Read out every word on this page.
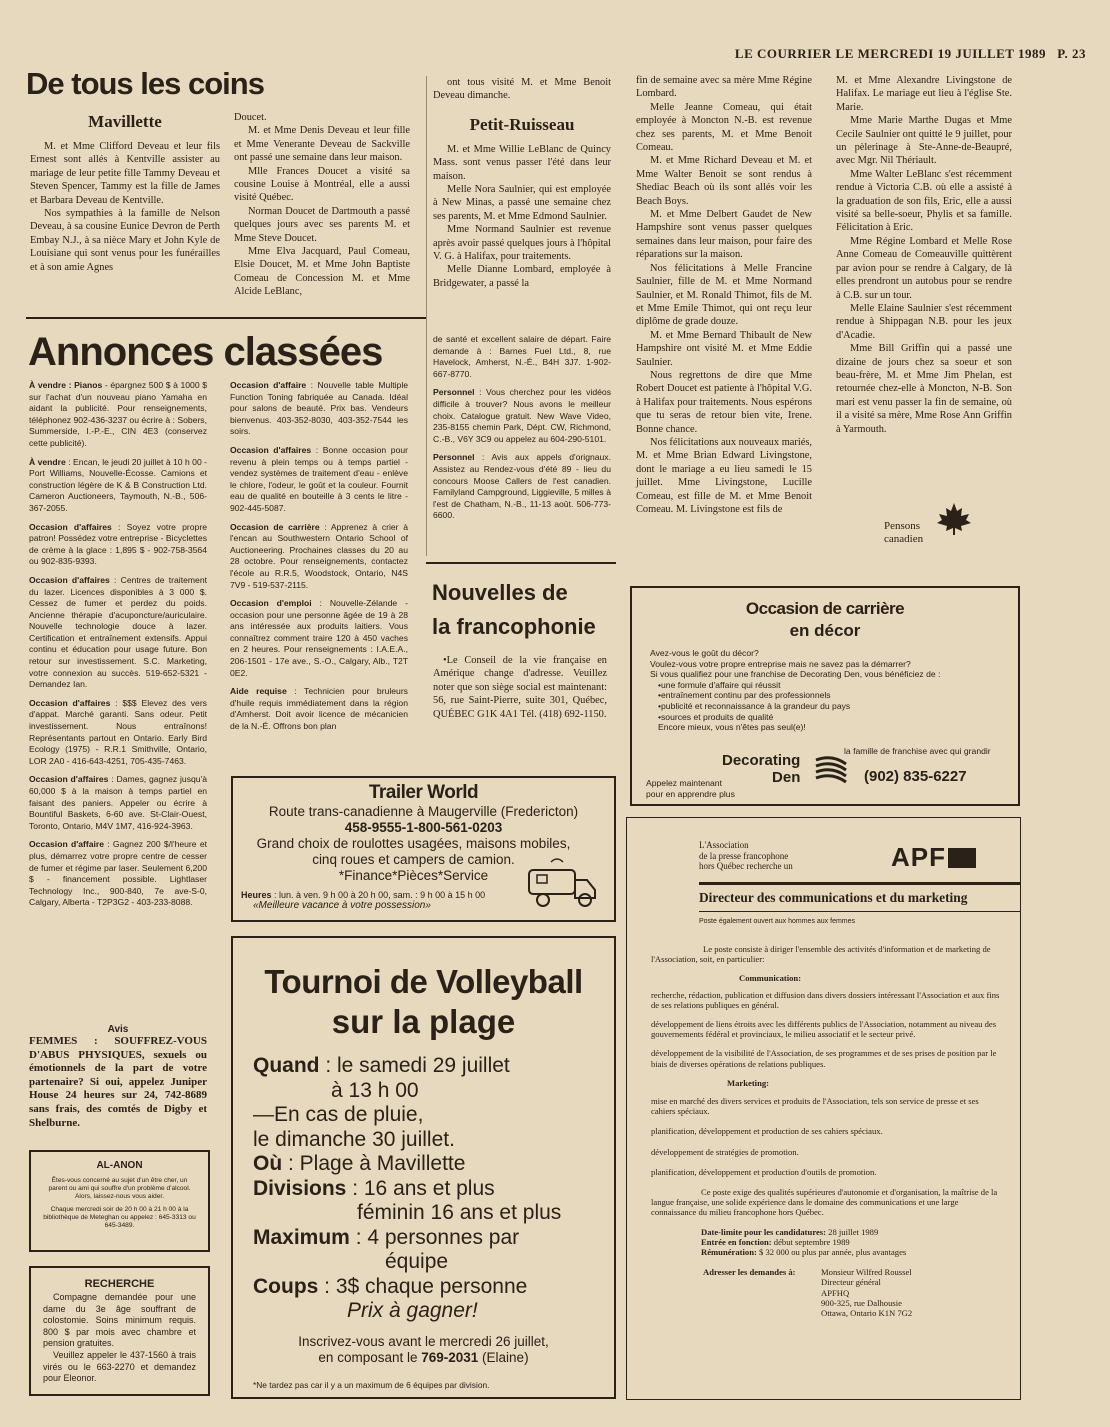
LE COURRIER LE MERCREDI 19 JUILLET 1989 P. 23
De tous les coins
Mavillette

M. et Mme Clifford Deveau et leur fils Ernest sont allés à Kentville assister au mariage de leur petite fille Tammy Deveau et Steven Spencer, Tammy est la fille de James et Barbara Deveau de Kentville.

Nos sympathies à la famille de Nelson Deveau, à sa cousine Eunice Devron de Perth Embay N.J., à sa nièce Mary et John Kyle de Louisiane qui sont venus pour les funérailles et à son amie Agnes

Doucet.

M. et Mme Denis Deveau et leur fille et Mme Venerante Deveau de Sackville ont passé une semaine dans leur maison.

Mlle Frances Doucet a visité sa cousine Louise à Montréal, elle a aussi visité Québec.

Norman Doucet de Dartmouth a passé quelques jours avec ses parents M. et Mme Steve Doucet.

Mme Elva Jacquard, Paul Comeau, Elsie Doucet, M. et Mme John Baptiste Comeau de Concession M. et Mme Alcide LeBlanc,

ont tous visité M. et Mme Benoit Deveau dimanche.

Petit-Ruisseau

M. et Mme Willie LeBlanc de Quincy Mass. sont venus passer l'été dans leur maison.

Melle Nora Saulnier, qui est employée à New Minas, a passé une semaine chez ses parents, M. et Mme Edmond Saulnier.

Mme Normand Saulnier est revenue après avoir passé quelques jours à l'hôpital V. G. à Halifax, pour traitements.

Melle Dianne Lombard, employée à Bridgewater, a passé la

fin de semaine avec sa mère Mme Régine Lombard.

Melle Jeanne Comeau, qui était employée à Moncton N.-B. est revenue chez ses parents, M. et Mme Benoit Comeau.

M. et Mme Richard Deveau et M. et Mme Walter Benoit se sont rendus à Shediac Beach où ils sont allés voir les Beach Boys.

M. et Mme Delbert Gaudet de New Hampshire sont venus passer quelques semaines dans leur maison, pour faire des réparations sur la maison.

Nos félicitations à Melle Francine Saulnier, fille de M. et Mme Normand Saulnier, et M. Ronald Thimot, fils de M. et Mme Emile Thimot, qui ont reçu leur diplôme de grade douze.

M. et Mme Bernard Thibault de New Hampshire ont visité M. et Mme Eddie Saulnier.

Nous regrettons de dire que Mme Robert Doucet est patiente à l'hôpital V.G. à Halifax pour traitements. Nous espérons que tu seras de retour bien vite, Irene. Bonne chance.

Nos félicitations aux nouveaux mariés, M. et Mme Brian Edward Livingstone, dont le mariage a eu lieu samedi le 15 juillet. Mme Livingstone, Lucille Comeau, est fille de M. et Mme Benoit Comeau. M. Livingstone est fils de

M. et Mme Alexandre Livingstone de Halifax. Le mariage eut lieu à l'église Ste. Marie.

Mme Marie Marthe Dugas et Mme Cecile Saulnier ont quitté le 9 juillet, pour un pèlerinage à Ste-Anne-de-Beaupré, avec Mgr. Nil Thériault.

Mme Walter LeBlanc s'est récemment rendue à Victoria C.B. où elle a assisté à la graduation de son fils, Eric, elle a aussi visité sa belle-soeur, Phylis et sa famille. Félicitation à Eric.

Mme Régine Lombard et Melle Rose Anne Comeau de Comeauville quittèrent par avion pour se rendre à Calgary, de là elles prendront un autobus pour se rendre à C.B. sur un tour.

Melle Elaine Saulnier s'est récemment rendue à Shippagan N.B. pour les jeux d'Acadie.

Mme Bill Griffin qui a passé une dizaine de jours chez sa soeur et son beau-frère, M. et Mme Jim Phelan, est retournée chez-elle à Moncton, N-B. Son mari est venu passer la fin de semaine, où il a visité sa mère, Mme Rose Ann Griffin à Yarmouth.

Pensons
canadien
Annonces classées

À vendre : Pianos - épargnez 500 $ à 1000 $ sur l'achat d'un nouveau piano Yamaha en aidant la publicité. Pour renseignements, téléphonez 902-436-3237 ou écrire à : Sobers, Summerside, I.-P.-E., CIN 4E3 (conservez cette publicité).

À vendre : Encan, le jeudi 20 juillet à 10 h 00 - Port Williams, Nouvelle-Écosse. Camions et construction légère de K & B Construction Ltd. Cameron Auctioneers, Taymouth, N.-B., 506-367-2055.

Occasion d'affaires : Soyez votre propre patron! Possédez votre entreprise - Bicyclettes de crème à la glace : 1,895 $ - 902-758-3564 ou 902-835-9393.

Occasion d'affaires : Centres de traitement du lazer. Licences disponibles à 3 000 $. Cessez de fumer et perdez du poids. Ancienne thérapie d'acuponcture/auriculaire. Nouvelle technologie douce à lazer. Certification et entraînement extensifs. Appui continu et éducation pour usage future. Bon retour sur investissement. S.C. Marketing, votre connexion au succès. 519-652-5321 - Demandez Ian.

Occasion d'affaires : $$$ Elevez des vers d'appat. Marché garanti. Sans odeur. Petit investissement. Nous entraînons! Représentants partout en Ontario. Early Bird Ecology (1975) - R.R.1 Smithville, Ontario, LOR 2A0 - 416-643-4251, 705-435-7463.

Occasion d'affaires : Dames, gagnez jusqu'à 60,000 $ à la maison à temps partiel en faisant des paniers. Appeler ou écrire à Bountiful Baskets, 6-60 ave. St-Clair-Ouest, Toronto, Ontario, M4V 1M7, 416-924-3963.

Occasion d'affaire : Gagnez 200 $/l'heure et plus, démarrez votre propre centre de cesser de fumer et régime par laser. Seulement 6,200 $ - financement possible. Lightlaser Technology Inc., 900-840, 7e ave-S-0, Calgary, Alberta - T2P3G2 - 403-233-8088.

Avis
FEMMES : SOUFFREZ-VOUS D'ABUS PHYSIQUES, sexuels ou émotionnels de la part de votre partenaire? Si oui, appelez Juniper House 24 heures sur 24, 742-8689 sans frais, des comtés de Digby et Shelburne.

Occasion d'affaire : Nouvelle table Multiple Function Toning fabriquée au Canada. Idéal pour salons de beauté. Prix bas. Vendeurs bienvenus. 403-352-8030, 403-352-7544 les soirs.

Occasion d'affaires : Bonne occasion pour revenu à plein temps ou à temps partiel - vendez systèmes de traitement d'eau - enlève le chlore, l'odeur, le goût et la couleur. Fournit eau de qualité en bouteille à 3 cents le litre - 902-445-5087.

Occasion de carrière : Apprenez à crier à l'encan au Southwestern Ontario School of Auctioneering. Prochaines classes du 20 au 28 octobre. Pour renseignements, contactez l'école au R.R.5, Woodstock, Ontario, N4S 7V9 - 519-537-2115.

Occasion d'emploi : Nouvelle-Zélande - occasion pour une personne âgée de 19 à 28 ans intéressée aux produits laitiers. Vous connaîtrez comment traire 120 à 450 vaches en 2 heures. Pour renseignements : I.A.E.A., 206-1501 - 17e ave., S.-O., Calgary, Alb., T2T 0E2.

Aide requise : Technicien pour bruleurs d'huile requis immédiatement dans la région d'Amherst. Doit avoir licence de mécanicien de la N.-É. Offrons bon plan

de santé et excellent salaire de départ. Faire demande à : Barnes Fuel Ltd., 8, rue Havelock, Amherst, N.-É., B4H 3J7. 1-902-667-8770.

Personnel : Vous cherchez pour les vidéos difficile à trouver? Nous avons le meilleur choix. Catalogue gratuit. New Wave Video, 235-8155 chemin Park, Dépt. CW, Richmond, C.-B., V6Y 3C9 ou appelez au 604-290-5101.

Personnel : Avis aux appels d'orignaux. Assistez au Rendez-vous d'été 89 - lieu du concours Moose Callers de l'est canadien. Familyland Campground, Liggieville, 5 milles à l'est de Chatham, N.-B., 11-13 août. 506-773-6600.

AL-ANON
Êtes-vous concerné au sujet d'un être cher, un parent ou ami qui souffre d'un problème d'alcool. Alors, laissez-nous vous aider.
Chaque mercredi soir de 20 h 00 à 21 h 00 à la bibliothèque de Meteghan ou appelez : 645-3313 ou 645-3489.
RECHERCHE
Compagne demandée pour une dame du 3e âge souffrant de colostomie. Soins minimum requis. 800 $ par mois avec chambre et pension gratuites.
Veuillez appeler le 437-1560 à trais virés ou le 663-2270 et demandez pour Eleonor.
Nouvelles de
la francophonie
•Le Conseil de la vie française en Amérique change d'adresse. Veuillez noter que son siège social est maintenant: 56, rue Saint-Pierre, suite 301, Québec, QUÉBEC G1K 4A1 Tél. (418) 692-1150.
Trailer World
Route trans-canadienne à Maugerville (Fredericton)
458-9555-1-800-561-0203
Grand choix de roulottes usagées, maisons mobiles,
cinq roues et campers de camion.
*Finance*Pièces*Service
Heures : lun. à ven. 9 h 00 à 20 h 00, sam. : 9 h 00 à 15 h 00
«Meilleure vacance à votre possession»
Tournoi de Volleyball
sur la plage
Quand : le samedi 29 juillet
à 13 h 00
—En cas de pluie,
le dimanche 30 juillet.
Où : Plage à Mavillette
Divisions : 16 ans et plus
féminin 16 ans et plus
Maximum : 4 personnes par
équipe
Coups : 3$ chaque personne
Prix à gagner!
Inscrivez-vous avant le mercredi 26 juillet,
en composant le 769-2031 (Elaine)
*Ne tardez pas car il y a un maximum de 6 équipes par division.
Occasion de carrière
en décor
Avez-vous le goût du décor?
Voulez-vous votre propre entreprise mais ne savez pas la démarrer?
Si vous qualifiez pour une franchise de Decorating Den, vous bénéficiez de :
•une formule d'affaire qui réussit
•entraînement continu par des professionnels
•publicité et reconnaissance à la grandeur du pays
•sources et produits de qualité
Encore mieux, vous n'êtes pas seul(e)!
la famille de franchise avec qui grandir
Decorating
Den
Appelez maintenant
pour en apprendre plus
(902) 835-6227
L'Association
de la presse francophone
hors Québec recherche un	APF
Directeur des communications et du marketing
Poste également ouvert aux hommes aux femmes

Le poste consiste à diriger l'ensemble des activités d'information et de marketing de l'Association, soit, en particulier:

Communication:

recherche, rédaction, publication et diffusion dans divers dossiers intéressant l'Association et aux fins de ses relations publiques en général.
développement de liens étroits avec les différents publics de l'Association, notamment au niveau des gouvernements fédéral et provinciaux, le milieu associatif et le secteur privé.
développement de la visibilité de l'Association, de ses programmes et de ses prises de position par le biais de diverses opérations de relations publiques.

Marketing:

mise en marché des divers services et produits de l'Association, tels son service de presse et ses cahiers spéciaux.
planification, développement et production de ses cahiers spéciaux.
développement de stratégies de promotion.
planification, développement et production d'outils de promotion.

Ce poste exige des qualités supérieures d'autonomie et d'organisation, la maîtrise de la langue française, une solide expérience dans le domaine des communications et une large connaissance du milieu francophone hors Québec.

Date-limite pour les candidatures: 28 juillet 1989
Entrée en fonction: début septembre 1989
Rémunération: $ 32 000 ou plus par année, plus avantages
Adresser les demandes à:	Monsieur Wilfred Roussel
Directeur général
APFHQ
900-325, rue Dalhousie
Ottawa, Ontario K1N 7G2
